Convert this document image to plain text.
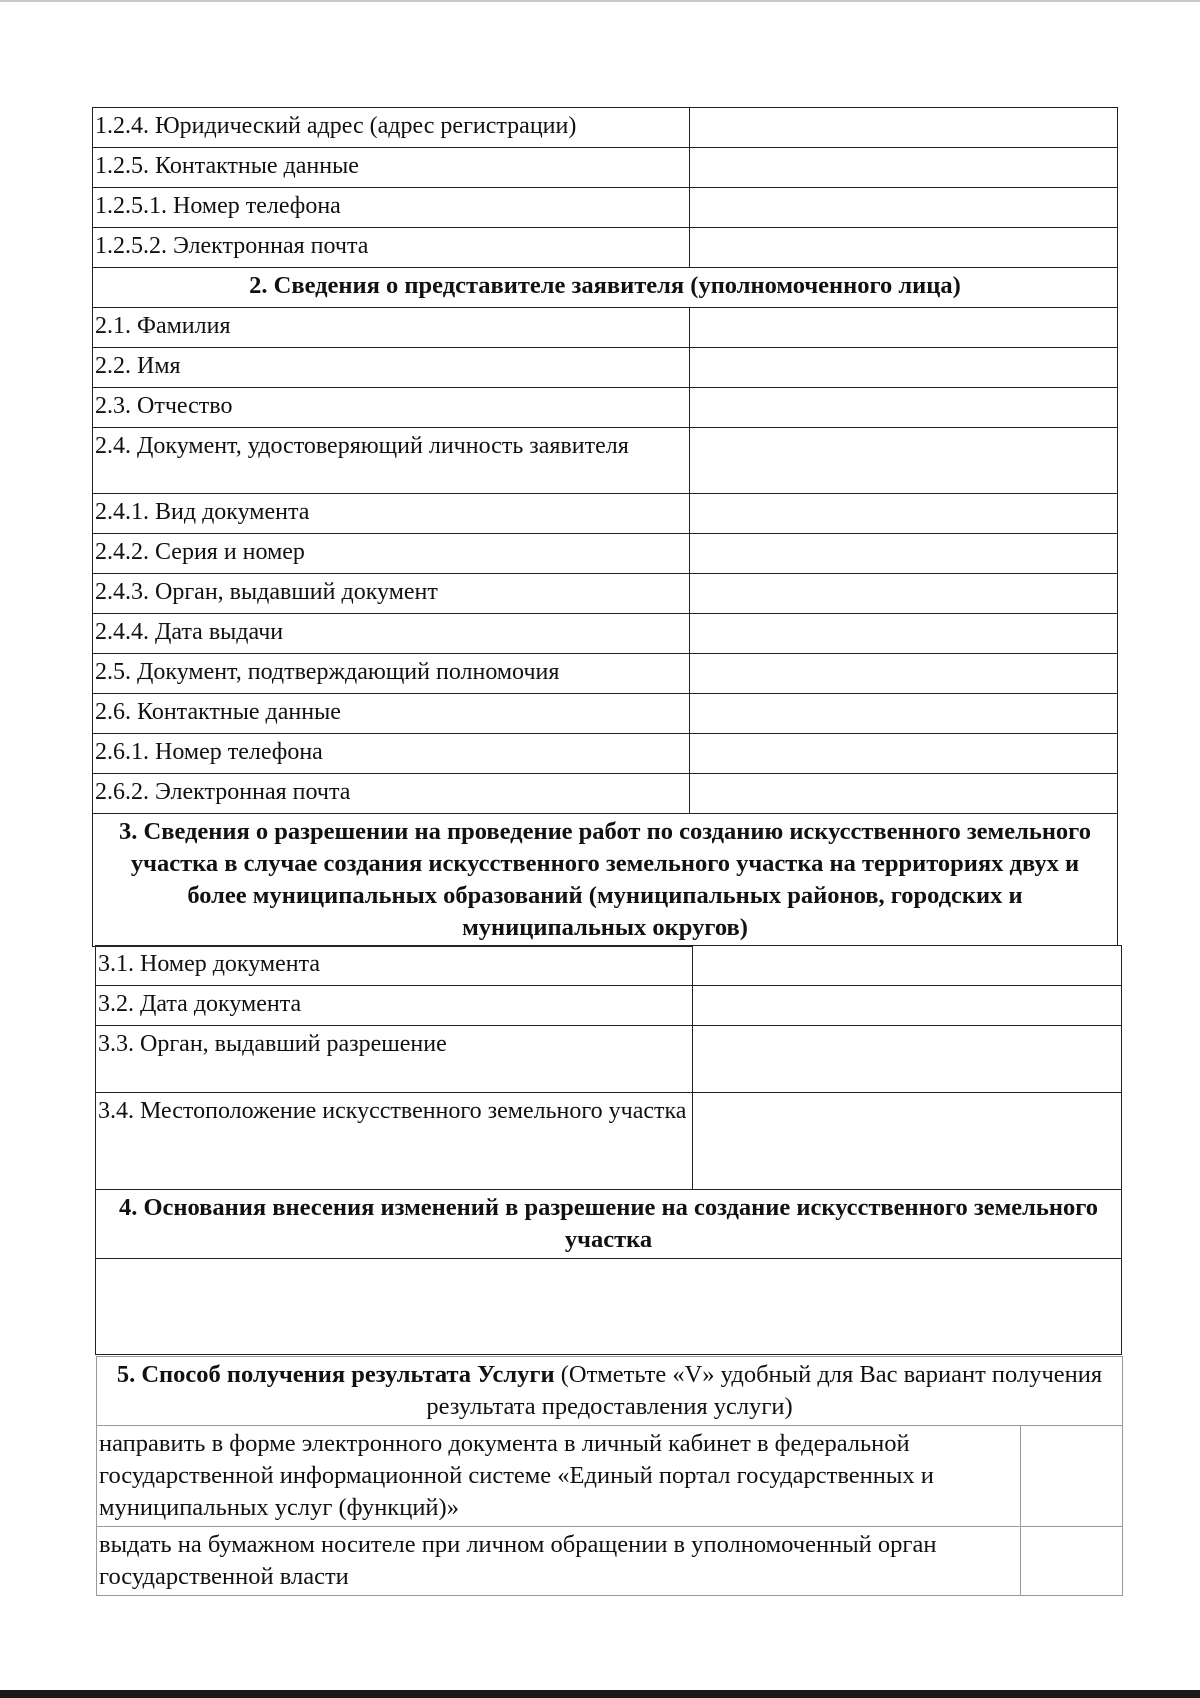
1.2.4. Юридический адрес (адрес регистрации)	
1.2.5. Контактные данные	
1.2.5.1. Номер телефона	
1.2.5.2. Электронная почта	
2. Сведения о представителе заявителя (уполномоченного лица)	
2.1. Фамилия	
2.2. Имя	
2.3. Отчество	
2.4. Документ, удостоверяющий личность заявителя	
2.4.1. Вид документа	
2.4.2. Серия и номер	
2.4.3. Орган, выдавший документ	
2.4.4. Дата выдачи	
2.5. Документ, подтверждающий полномочия	
2.6. Контактные данные	
2.6.1. Номер телефона	
2.6.2. Электронная почта	
3. Сведения о разрешении на проведение работ по созданию искусственного земельного участка в случае создания искусственного земельного участка на территориях двух и более муниципальных образований (муниципальных районов, городских и муниципальных округов)	
3.1. Номер документа	
3.2. Дата документа	
3.3. Орган, выдавший разрешение	
3.4. Местоположение искусственного земельного участка	
4. Основания внесения изменений в разрешение на создание искусственного земельного участка

5. Способ получения результата Услуги (Отметьте «V» удобный для Вас вариант получения результата предоставления услуги)	
направить в форме электронного документа в личный кабинет в федеральной государственной информационной системе «Единый портал государственных и муниципальных услуг (функций)»	
выдать на бумажном носителе при личном обращении в уполномоченный орган государственной власти	
